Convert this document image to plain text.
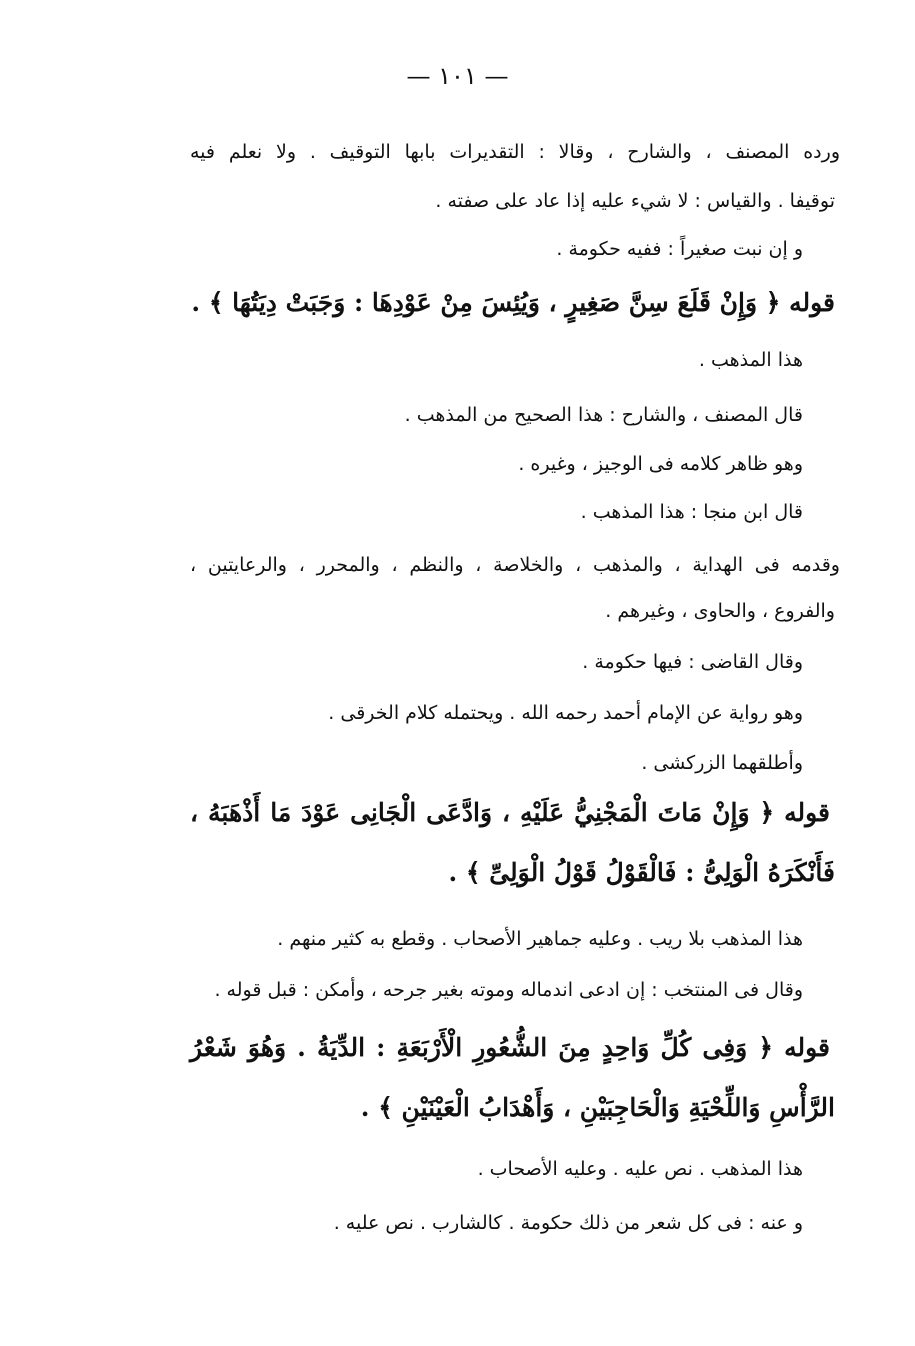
— ١٠١ —
ورده المصنف ، والشارح ، وقالا : التقديرات بابها التوقيف . ولا نعلم فيه
توقيفا . والقياس : لا شيء عليه إذا عاد على صفته .
و إن نبت صغيراً : ففيه حكومة .
قوله ﴿ وَإِنْ قَلَعَ سِنَّ صَغِيرٍ ، وَيُئِسَ مِنْ عَوْدِهَا : وَجَبَتْ دِيَتُهَا ﴾ .
هذا المذهب .
قال المصنف ، والشارح : هذا الصحيح من المذهب .
وهو ظاهر كلامه فى الوجيز ، وغيره .
قال ابن منجا : هذا المذهب .
وقدمه فى الهداية ، والمذهب ، والخلاصة ، والنظم ، والمحرر ، والرعايتين ،
والفروع ، والحاوى ، وغيرهم .
وقال القاضى : فيها حكومة .
وهو رواية عن الإمام أحمد رحمه الله . ويحتمله كلام الخرقى .
وأطلقهما الزركشى .
قوله ﴿ وَإِنْ مَاتَ الْمَجْنِيُّ عَلَيْهِ ، وَادَّعَى الْجَانِى عَوْدَ مَا أَذْهَبَهُ ،
فَأَنْكَرَهُ الْوَلِىُّ : فَالْقَوْلُ قَوْلُ الْوَلِىِّ ﴾ .
هذا المذهب بلا ريب . وعليه جماهير الأصحاب . وقطع به كثير منهم .
وقال فى المنتخب : إن ادعى اندماله وموته بغير جرحه ، وأمكن : قبل قوله .
قوله ﴿ وَفِى كُلِّ وَاحِدٍ مِنَ الشُّعُورِ الْأَرْبَعَةِ : الدِّيَةُ . وَهُوَ شَعْرُ
الرَّأْسِ وَاللِّحْيَةِ وَالْحَاجِبَيْنِ ، وَأَهْدَابُ الْعَيْنَيْنِ ﴾ .
هذا المذهب . نص عليه . وعليه الأصحاب .
و عنه : فى كل شعر من ذلك حكومة . كالشارب . نص عليه .
